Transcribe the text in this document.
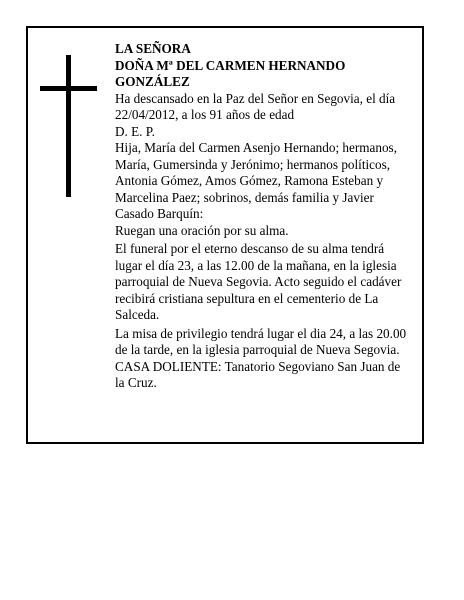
LA SEÑORA
DOÑA Mª DEL CARMEN HERNANDO
GONZÁLEZ
Ha descansado en la Paz del Señor en Segovia, el día
22/04/2012, a los 91 años de edad
D. E. P.
Hija, María del Carmen Asenjo Hernando; hermanos,
María, Gumersinda y Jerónimo; hermanos políticos,
Antonia Gómez, Amos Gómez, Ramona Esteban y
Marcelina Paez; sobrinos, demás familia y Javier
Casado Barquín:
Ruegan una oración por su alma.
El funeral por el eterno descanso de su alma tendrá
lugar el día 23, a las 12.00 de la mañana, en la iglesia
parroquial de Nueva Segovia. Acto seguido el cadáver
recibirá cristiana sepultura en el cementerio de La
Salceda.
La misa de privilegio tendrá lugar el dia 24, a las 20.00
de la tarde, en la iglesia parroquial de Nueva Segovia.
CASA DOLIENTE: Tanatorio Segoviano San Juan de
la Cruz.
